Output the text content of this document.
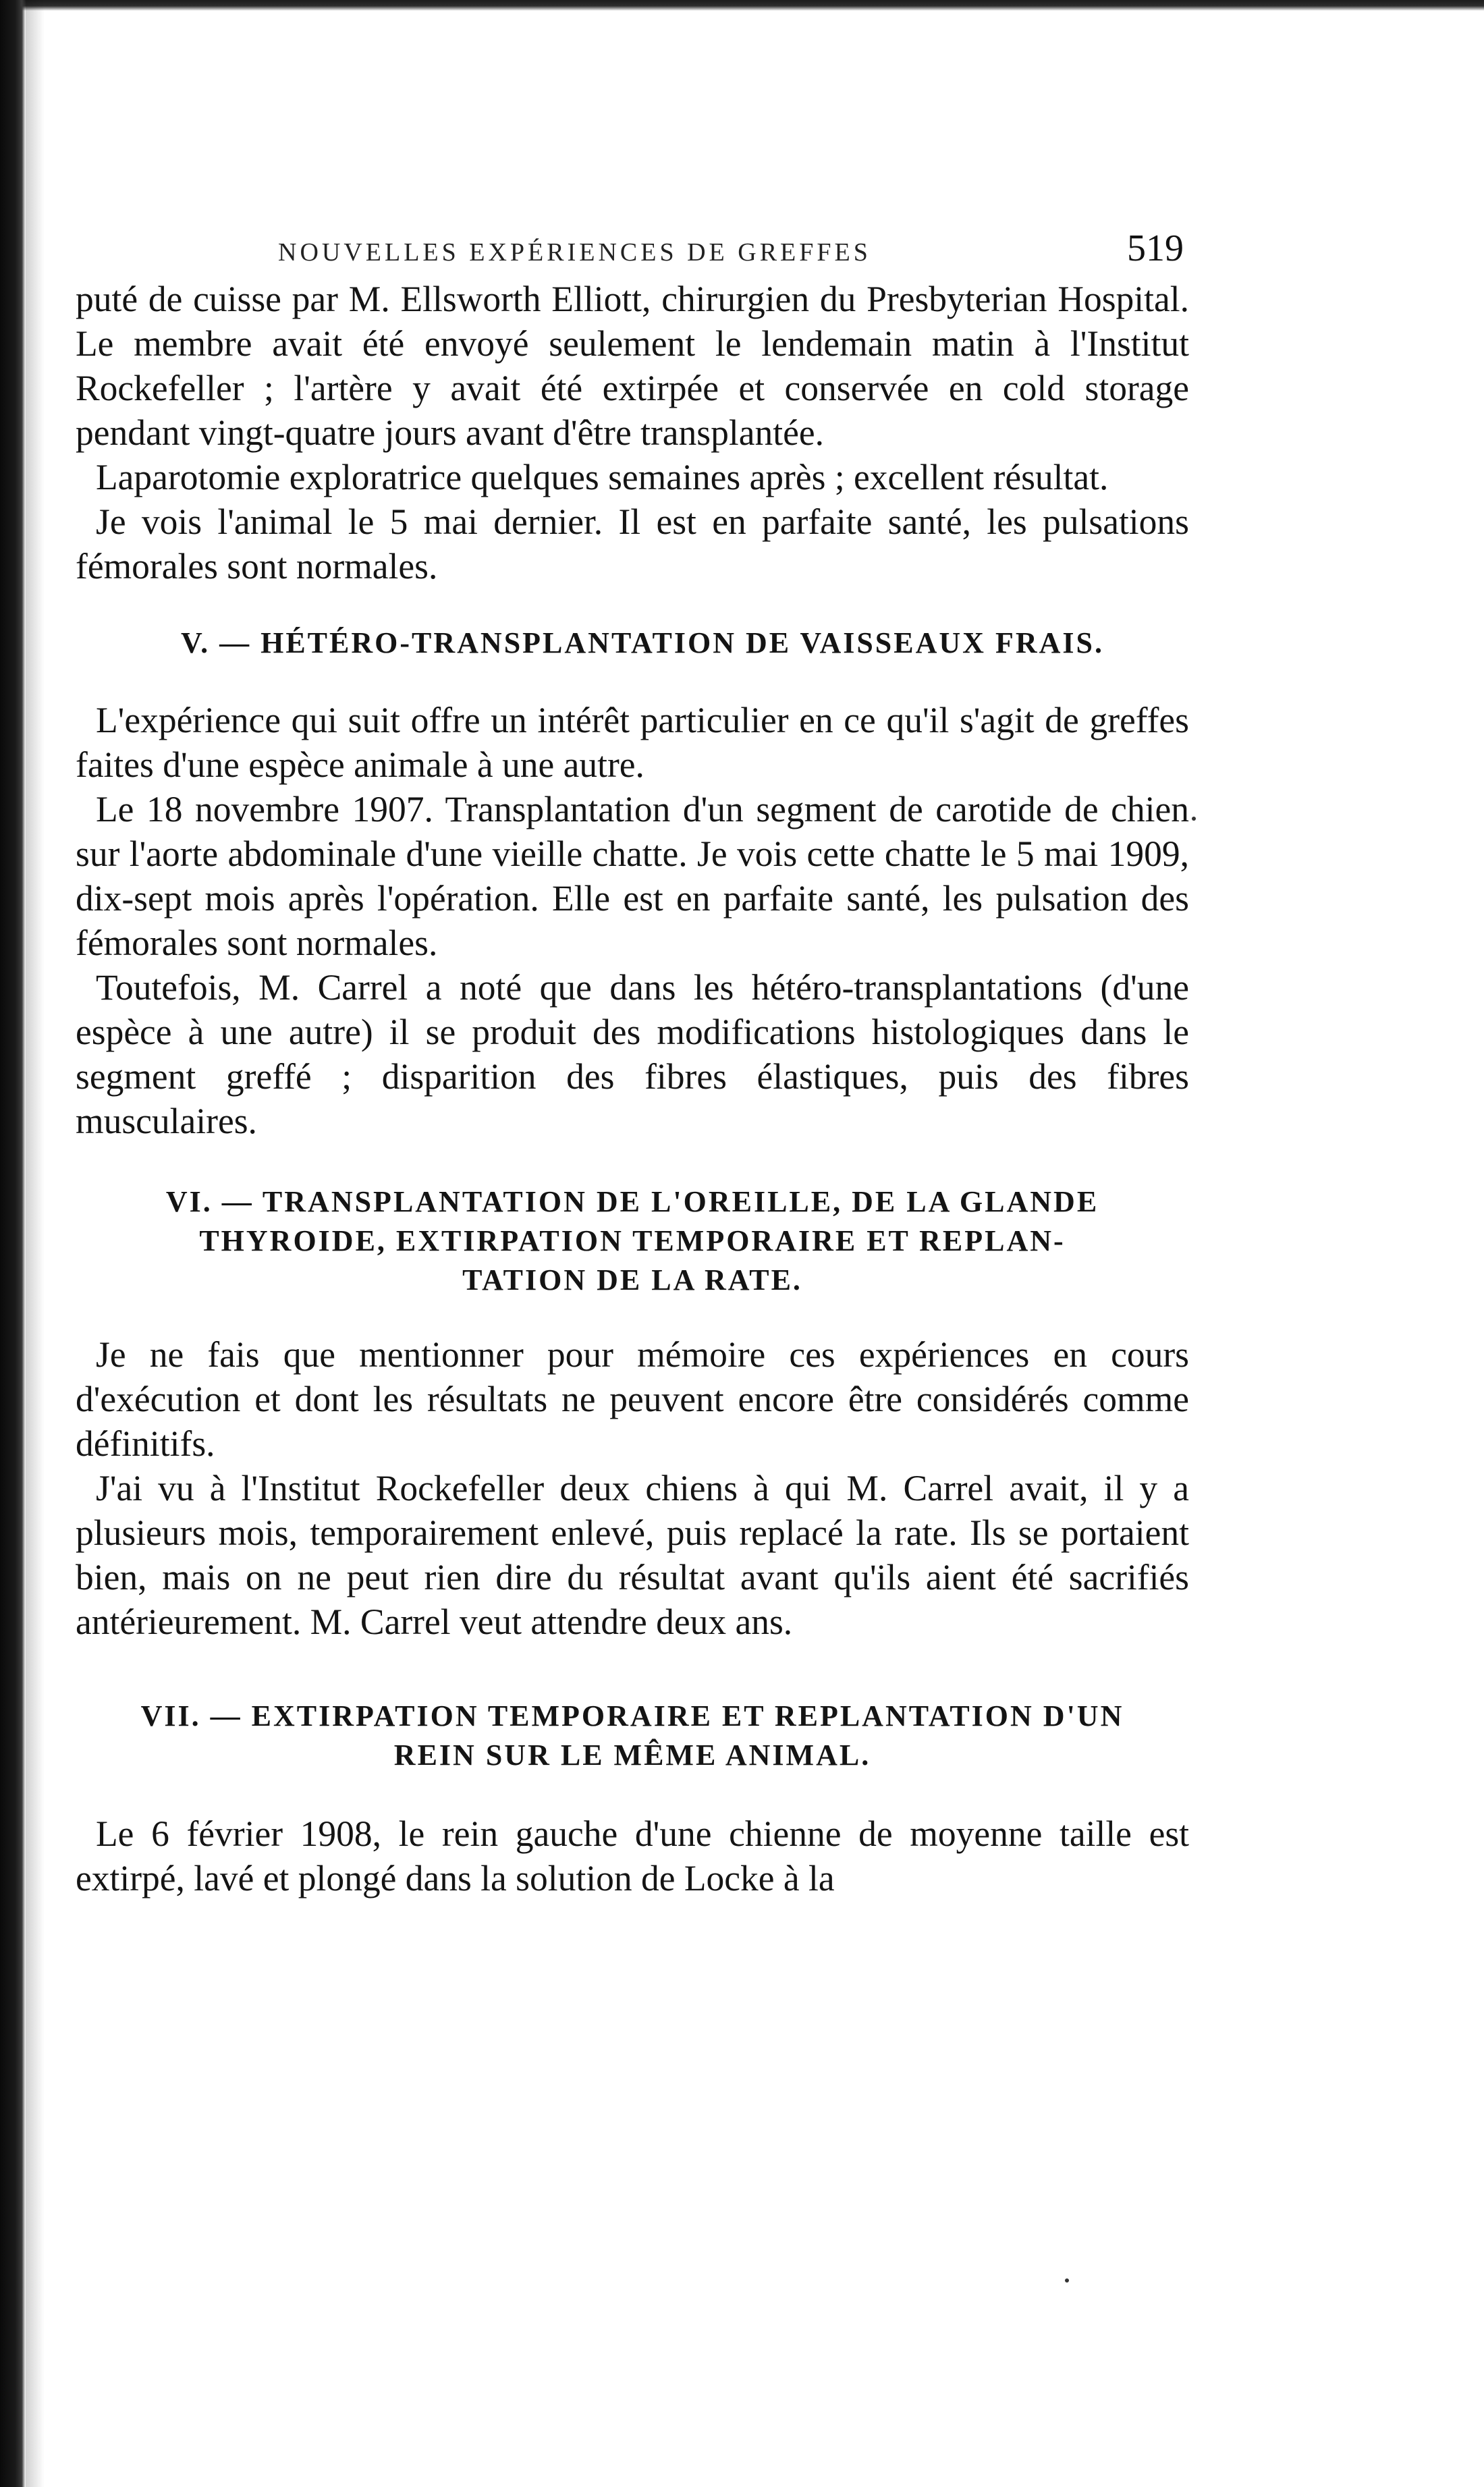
NOUVELLES EXPÉRIENCES DE GREFFES	519

puté de cuisse par M. Ellsworth Elliott, chirurgien du Presbyterian Hospital. Le membre avait été envoyé seulement le lendemain matin à l'Institut Rockefeller ; l'artère y avait été extirpée et conservée en cold storage pendant vingt-quatre jours avant d'être transplantée.

Laparotomie exploratrice quelques semaines après ; excellent résultat.

Je vois l'animal le 5 mai dernier. Il est en parfaite santé, les pulsations fémorales sont normales.

V. — HÉTÉRO-TRANSPLANTATION DE VAISSEAUX FRAIS.

L'expérience qui suit offre un intérêt particulier en ce qu'il s'agit de greffes faites d'une espèce animale à une autre.

Le 18 novembre 1907. Transplantation d'un segment de carotide de chien sur l'aorte abdominale d'une vieille chatte. Je vois cette chatte le 5 mai 1909, dix-sept mois après l'opération. Elle est en parfaite santé, les pulsation des fémorales sont normales.

Toutefois, M. Carrel a noté que dans les hétéro-transplantations (d'une espèce à une autre) il se produit des modifications histologiques dans le segment greffé ; disparition des fibres élastiques, puis des fibres musculaires.

VI. — TRANSPLANTATION DE L'OREILLE, DE LA GLANDE
THYROIDE, EXTIRPATION TEMPORAIRE ET REPLAN-
TATION DE LA RATE.

Je ne fais que mentionner pour mémoire ces expériences en cours d'exécution et dont les résultats ne peuvent encore être considérés comme définitifs.

J'ai vu à l'Institut Rockefeller deux chiens à qui M. Carrel avait, il y a plusieurs mois, temporairement enlevé, puis replacé la rate. Ils se portaient bien, mais on ne peut rien dire du résultat avant qu'ils aient été sacrifiés antérieurement. M. Carrel veut attendre deux ans.

VII. — EXTIRPATION TEMPORAIRE ET REPLANTATION D'UN
REIN SUR LE MÊME ANIMAL.

Le 6 février 1908, le rein gauche d'une chienne de moyenne taille est extirpé, lavé et plongé dans la solution de Locke à la
